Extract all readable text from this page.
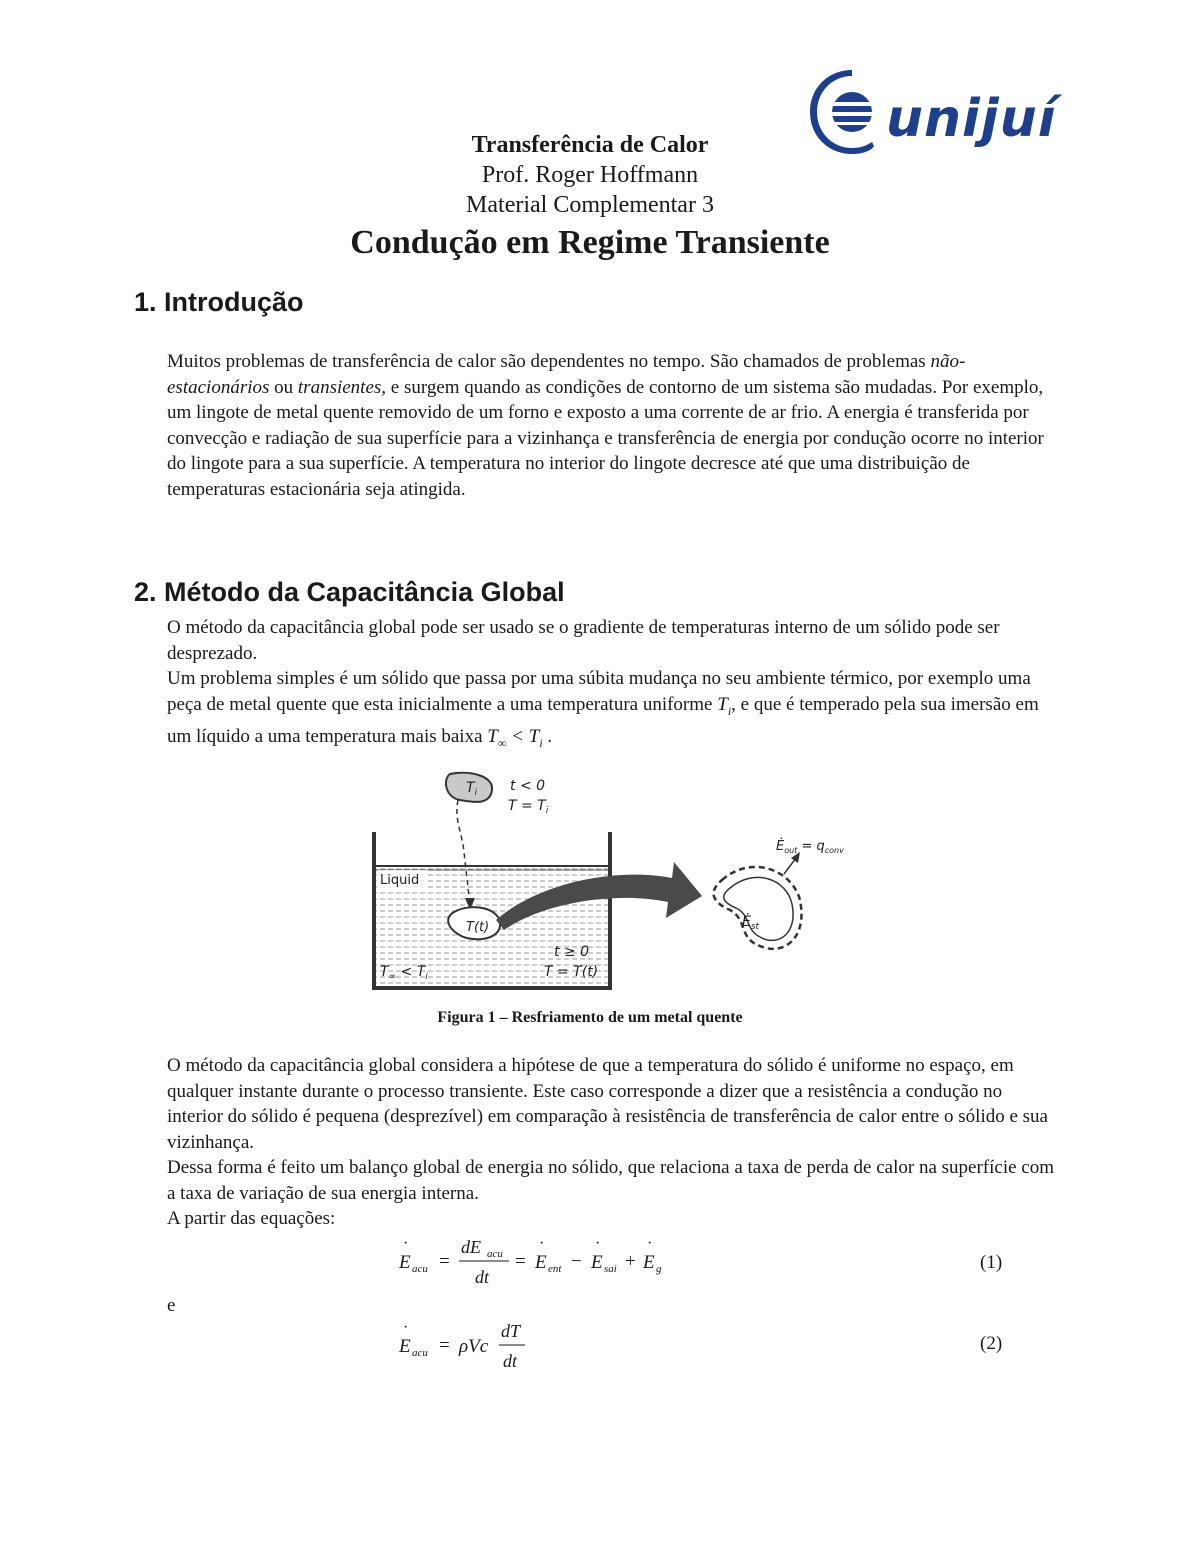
unijuí
Transferência de Calor
Prof. Roger Hoffmann
Material Complementar 3
Condução em Regime Transiente
1. Introdução

Muitos problemas de transferência de calor são dependentes no tempo. São chamados de problemas não-estacionários ou transientes, e surgem quando as condições de contorno de um sistema são mudadas. Por exemplo, um lingote de metal quente removido de um forno e exposto a uma corrente de ar frio. A energia é transferida por convecção e radiação de sua superfície para a vizinhança e transferência de energia por condução ocorre no interior do lingote para a sua superfície. A temperatura no interior do lingote decresce até que uma distribuição de temperaturas estacionária seja atingida.

2. Método da Capacitância Global

O método da capacitância global pode ser usado se o gradiente de temperaturas interno de um sólido pode ser desprezado.

Um problema simples é um sólido que passa por uma súbita mudança no seu ambiente térmico, por exemplo uma peça de metal quente que esta inicialmente a uma temperatura uniforme $T_i$, e que é temperado pela sua imersão em um líquido a uma temperatura mais baixa $T_\infty < T_i$ .

$T_i$ t < 0
$T = T_i$
Liquid
T(t)
t ≥ 0
T = T(t)
$T_\infty < T_i$
$Ė_{st}$
$Ė_{out} = q_{conv}$
Figura 1 – Resfriamento de um metal quente

O método da capacitância global considera a hipótese de que a temperatura do sólido é uniforme no espaço, em qualquer instante durante o processo transiente. Este caso corresponde a dizer que a resistência a condução no interior do sólido é pequena (desprezível) em comparação à resistência de transferência de calor entre o sólido e sua vizinhança.

Dessa forma é feito um balanço global de energia no sólido, que relaciona a taxa de perda de calor na superfície com a taxa de variação de sua energia interna.

A partir das equações:

E
·
acu =
dE acu
dt
= E
·
ent − E
·
sai + E
·
g	(1)

e

E
·
acu = ρVc
dT
dt
(2)
